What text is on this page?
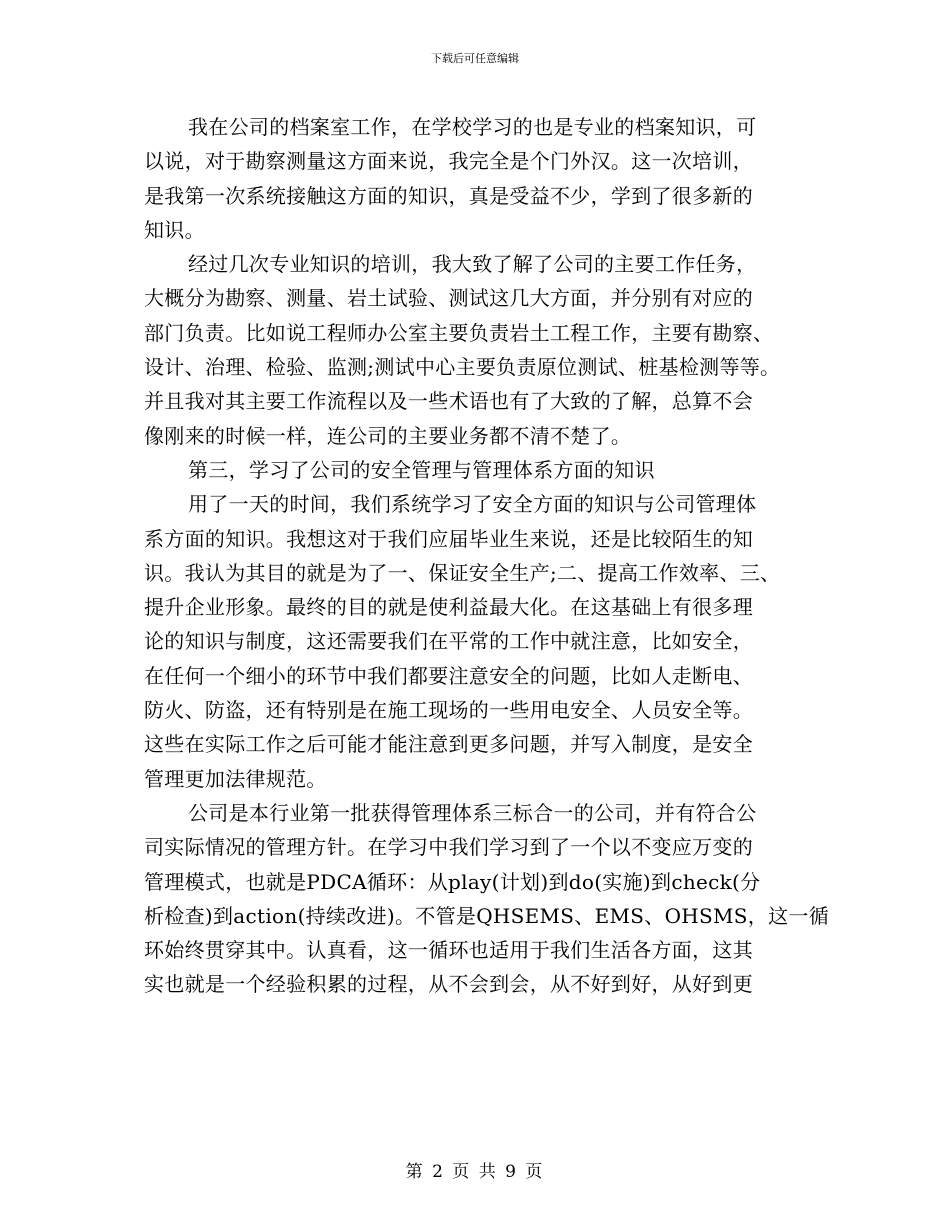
下载后可任意编辑
我在公司的档案室工作，在学校学习的也是专业的档案知识，可
以说，对于勘察测量这方面来说，我完全是个门外汉。这一次培训，
是我第一次系统接触这方面的知识，真是受益不少，学到了很多新的
知识。
经过几次专业知识的培训，我大致了解了公司的主要工作任务，
大概分为勘察、测量、岩土试验、测试这几大方面，并分别有对应的
部门负责。比如说工程师办公室主要负责岩土工程工作，主要有勘察、
设计、治理、检验、监测;测试中心主要负责原位测试、桩基检测等等。
并且我对其主要工作流程以及一些术语也有了大致的了解，总算不会
像刚来的时候一样，连公司的主要业务都不清不楚了。
第三，学习了公司的安全管理与管理体系方面的知识
用了一天的时间，我们系统学习了安全方面的知识与公司管理体
系方面的知识。我想这对于我们应届毕业生来说，还是比较陌生的知
识。我认为其目的就是为了一、保证安全生产;二、提高工作效率、三、
提升企业形象。最终的目的就是使利益最大化。在这基础上有很多理
论的知识与制度，这还需要我们在平常的工作中就注意，比如安全，
在任何一个细小的环节中我们都要注意安全的问题，比如人走断电、
防火、防盗，还有特别是在施工现场的一些用电安全、人员安全等。
这些在实际工作之后可能才能注意到更多问题，并写入制度，是安全
管理更加法律规范。
公司是本行业第一批获得管理体系三标合一的公司，并有符合公
司实际情况的管理方针。在学习中我们学习到了一个以不变应万变的
管理模式，也就是PDCA循环：从play(计划)到do(实施)到check(分
析检查)到action(持续改进)。不管是QHSEMS、EMS、OHSMS，这一循
环始终贯穿其中。认真看，这一循环也适用于我们生活各方面，这其
实也就是一个经验积累的过程，从不会到会，从不好到好，从好到更
第 2 页 共 9 页
